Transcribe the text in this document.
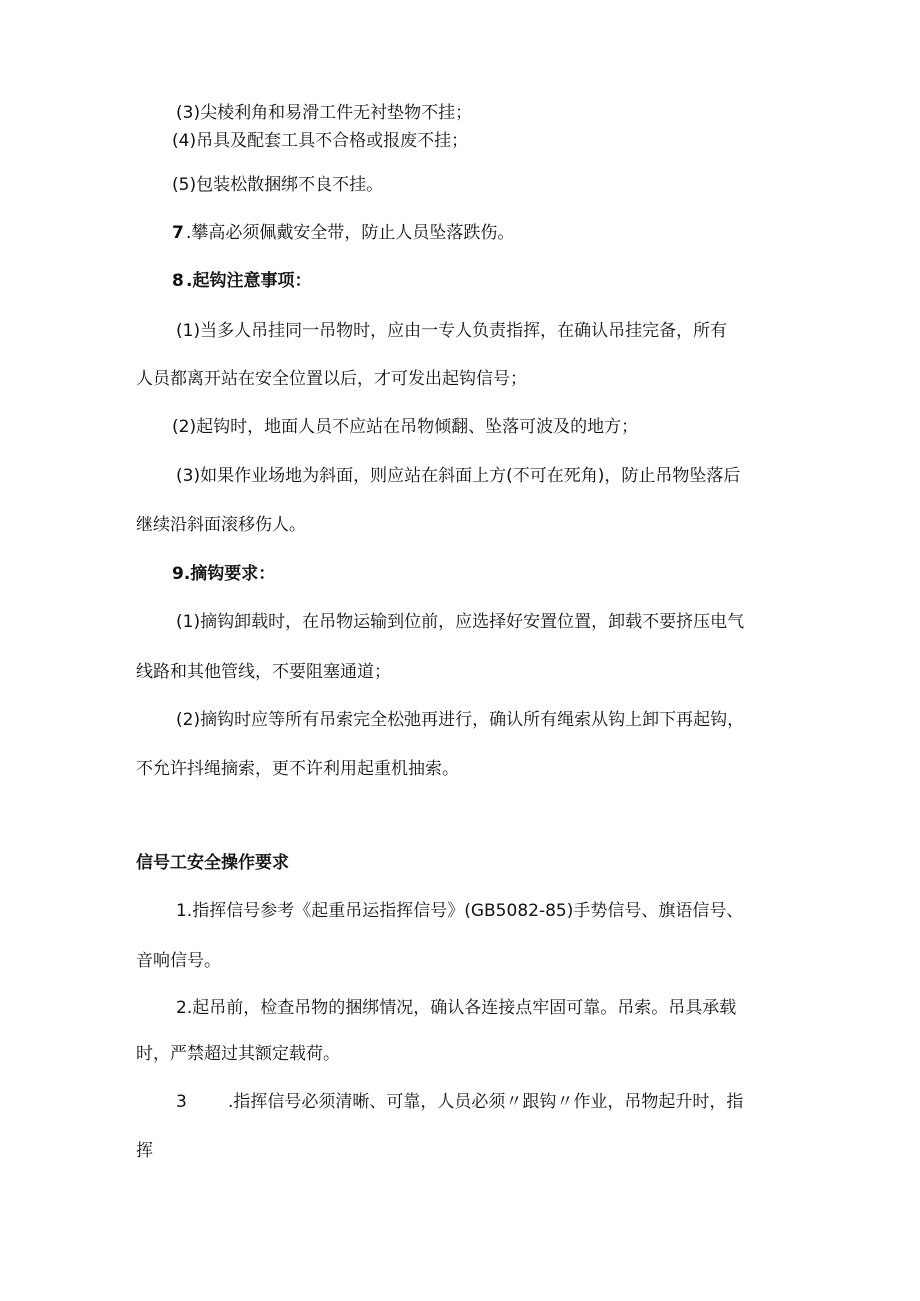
(3)尖棱利角和易滑工件无衬垫物不挂；

(4)吊具及配套工具不合格或报废不挂；

(5)包装松散捆绑不良不挂。

7 .攀高必须佩戴安全带，防止人员坠落跌伤。

8 .起钩注意事项：

(1)当多人吊挂同一吊物时，应由一专人负责指挥，在确认吊挂完备，所有

人员都离开站在安全位置以后，才可发出起钩信号；

(2)起钩时，地面人员不应站在吊物倾翻、坠落可波及的地方；

(3)如果作业场地为斜面，则应站在斜面上方(不可在死角)，防止吊物坠落后

继续沿斜面滚移伤人。

9.摘钩要求：

(1)摘钩卸载时，在吊物运输到位前，应选择好安置位置，卸载不要挤压电气

线路和其他管线，不要阻塞通道；

(2)摘钩时应等所有吊索完全松弛再进行，确认所有绳索从钩上卸下再起钩，

不允许抖绳摘索，更不许利用起重机抽索。

信号工安全操作要求

1.指挥信号参考《起重吊运指挥信号》(GB5082-85)手势信号、旗语信号、

音响信号。

2.起吊前，检查吊物的捆绑情况，确认各连接点牢固可靠。吊索。吊具承载

时，严禁超过其额定载荷。

3 .指挥信号必须清晰、可靠，人员必须〃跟钩〃作业，吊物起升时，指

挥
